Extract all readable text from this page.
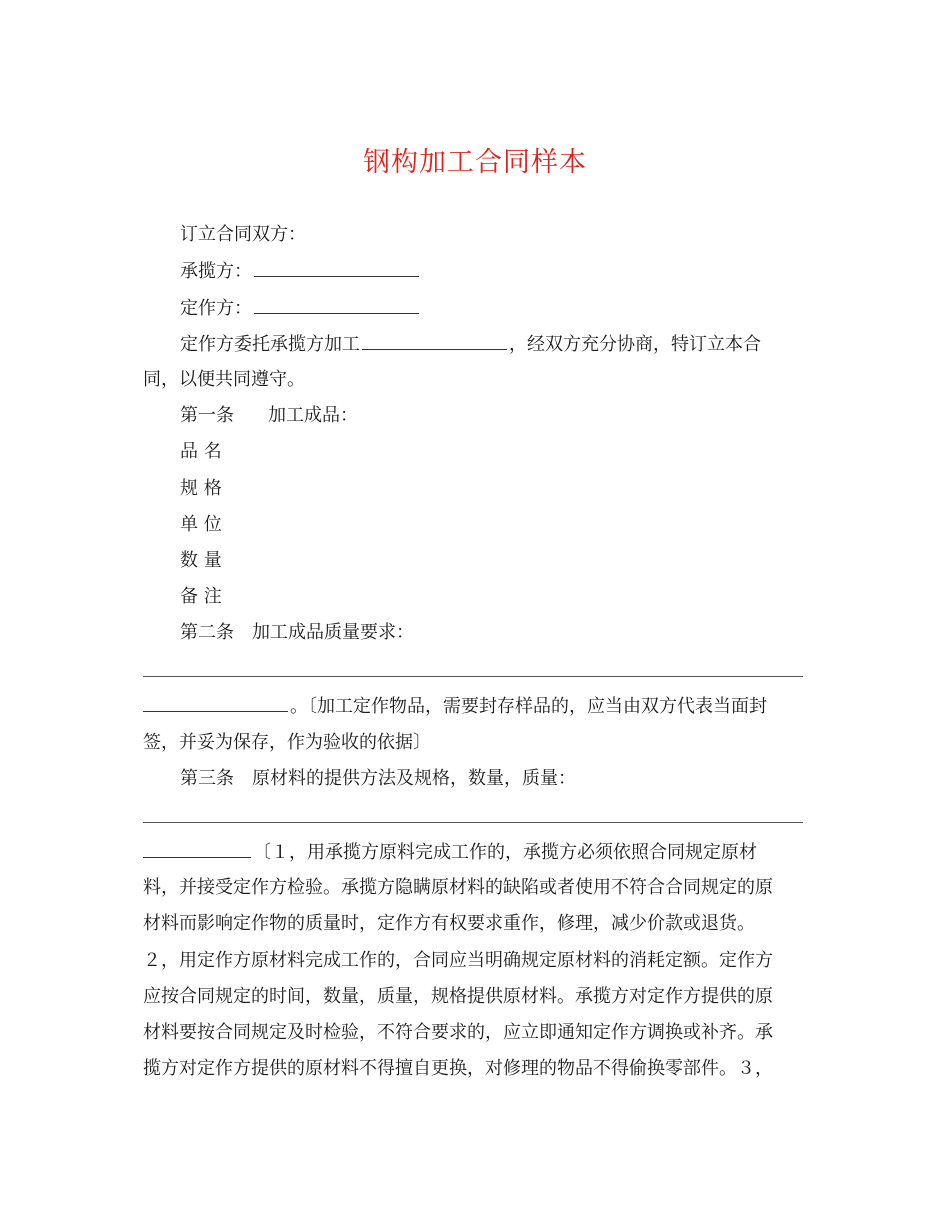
钢构加工合同样本
订立合同双方：
承揽方：
定作方：
定作方委托承揽方加工	，经双方充分协商，特订立本合
同，以便共同遵守。
第一条 加工成品：
品 名
规 格
单 位
数 量
备 注
第二条 加工成品质量要求：
。〔加工定作物品，需要封存样品的，应当由双方代表当面封
签，并妥为保存，作为验收的依据〕
第三条 原材料的提供方法及规格，数量，质量：
〔１，用承揽方原料完成工作的，承揽方必须依照合同规定原材
料，并接受定作方检验。承揽方隐瞒原材料的缺陷或者使用不符合合同规定的原
材料而影响定作物的质量时，定作方有权要求重作，修理，减少价款或退货。
２，用定作方原材料完成工作的，合同应当明确规定原材料的消耗定额。定作方
应按合同规定的时间，数量，质量，规格提供原材料。承揽方对定作方提供的原
材料要按合同规定及时检验，不符合要求的，应立即通知定作方调换或补齐。承
揽方对定作方提供的原材料不得擅自更换，对修理的物品不得偷换零部件。３，
